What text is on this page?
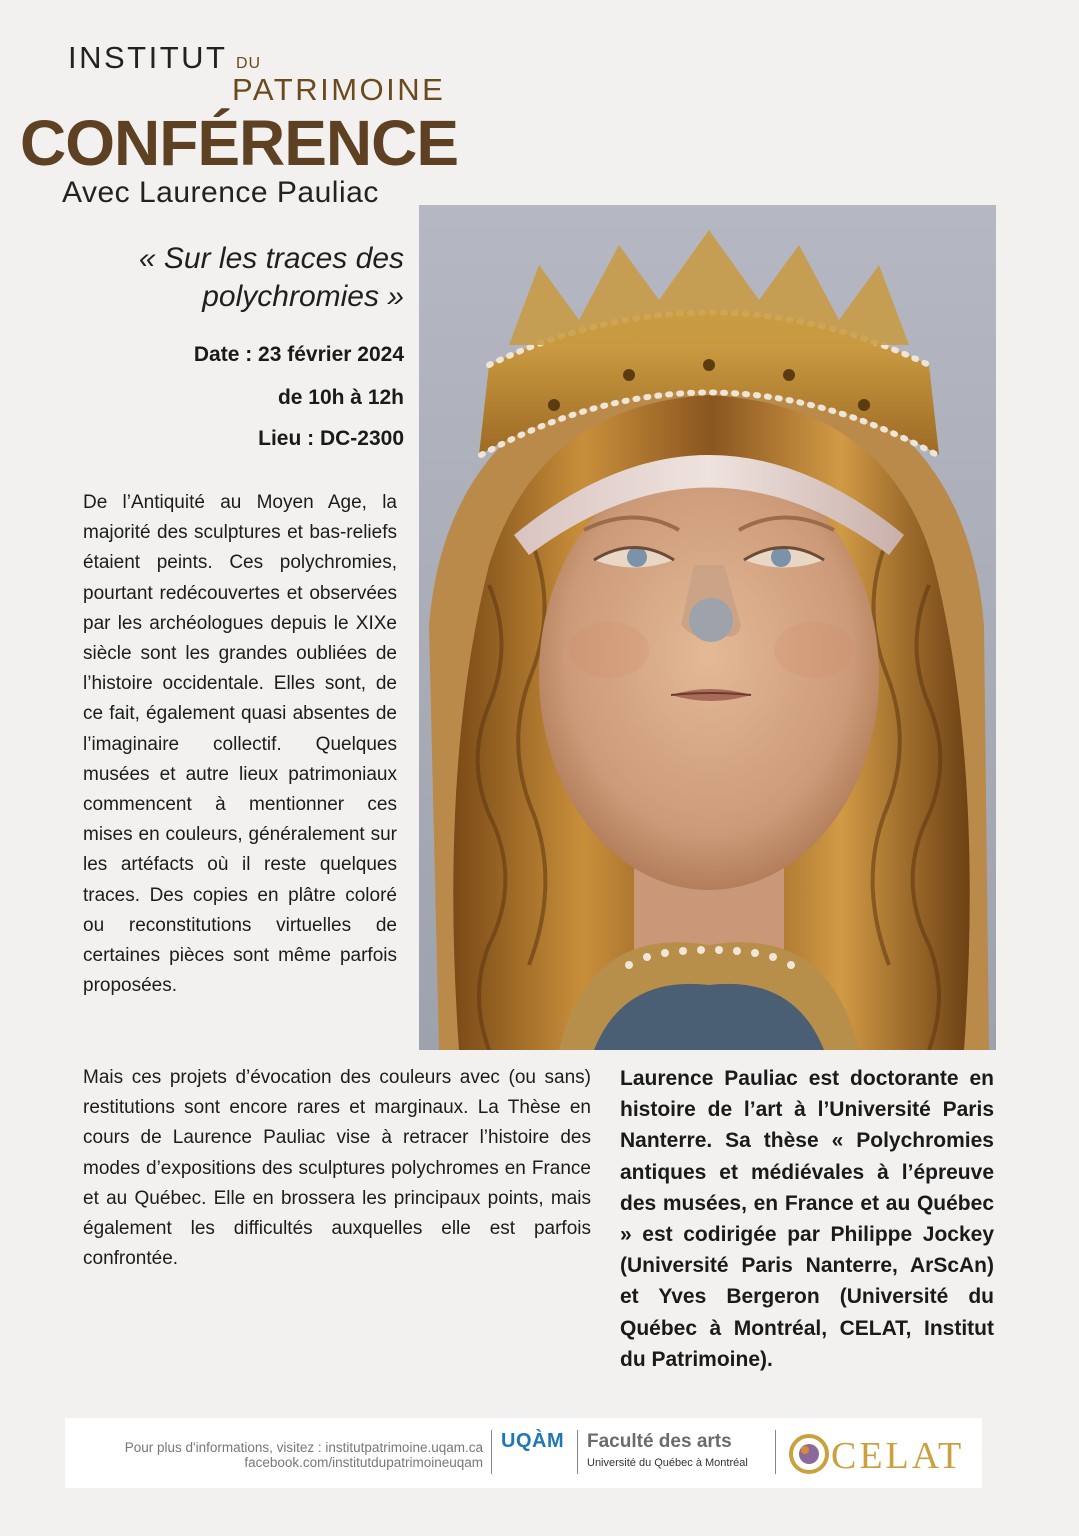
INSTITUT DU
PATRIMOINE
CONFÉRENCE
Avec Laurence Pauliac
« Sur les traces des
polychromies »
Date : 23 février 2024
de 10h à 12h
Lieu : DC-2300
De l’Antiquité au Moyen Age, la majorité des sculptures et bas-reliefs étaient peints. Ces polychromies, pourtant redécouvertes et observées par les archéologues depuis le XIXe siècle sont les grandes oubliées de l’histoire occidentale. Elles sont, de ce fait, également quasi absentes de l’imaginaire collectif. Quelques musées et autre lieux patrimoniaux commencent à mentionner ces mises en couleurs, généralement sur les artéfacts où il reste quelques traces. Des copies en plâtre coloré ou reconstitutions virtuelles de certaines pièces sont même parfois proposées.
Mais ces projets d’évocation des couleurs avec (ou sans) restitutions sont encore rares et marginaux. La Thèse en cours de Laurence Pauliac vise à retracer l’histoire des modes d’expositions des sculptures polychromes en France et au Québec. Elle en brossera les principaux points, mais également les difficultés auxquelles elle est parfois confrontée.
Laurence Pauliac est doctorante en histoire de l’art à l’Université Paris Nanterre. Sa thèse « Polychromies antiques et médiévales à l’épreuve des musées, en France et au Québec » est codirigée par Philippe Jockey (Université Paris Nanterre, ArScAn) et Yves Bergeron (Université du Québec à Montréal, CELAT, Institut du Patrimoine).
Pour plus d'informations, visitez : institutpatrimoine.uqam.ca
facebook.com/institutdupatrimoineuqam
UQÀM Faculté des arts
Université du Québec à Montréal CELAT
